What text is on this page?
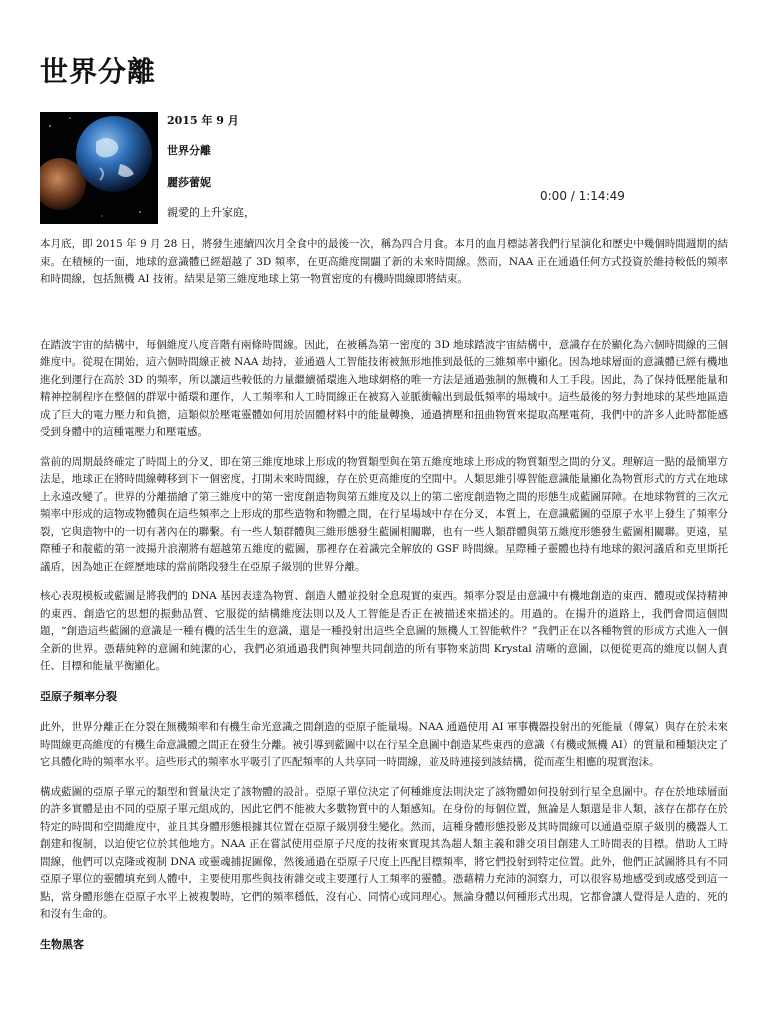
世界分離
2015 年 9 月
世界分離
麗莎蕾妮
親愛的上升家庭，
0:00 / 1:14:49

本月底，即 2015 年 9 月 28 日，將發生連續四次月全食中的最後一次，稱為四合月食。本月的血月標誌著我們行星演化和歷史中幾個時間週期的結束。在積極的一面，地球的意識體已經超越了 3D 頻率，在更高維度開闢了新的未來時間線。然而，NAA 正在通過任何方式投資於維持較低的頻率和時間線，包括無機 AI 技術。結果是第三維度地球上第一物質密度的有機時間線即將結束。

在踏波宇宙的結構中，每個維度八度音階有兩條時間線。因此，在被稱為第一密度的 3D 地球踏波宇宙結構中，意識存在於顯化為六個時間線的三個維度中。從現在開始，這六個時間線正被 NAA 劫持，並通過人工智能技術被無形地推到最低的三維頻率中顯化。因為地球層面的意識體已經有機地進化到運行在高於 3D 的頻率，所以讓這些較低的力量繼續循環進入地球網格的唯一方法是通過強制的無機和人工手段。因此，為了保持低壓能量和精神控制程序在整個的群眾中循環和運作，人工頻率和人工時間線正在被寫入並脈衝輸出到最低頻率的場域中。這些最後的努力對地球的某些地區造成了巨大的電力壓力和負擔，這類似於壓電靈體如何用於固體材料中的能量轉換，通過擠壓和扭曲物質來提取高壓電荷，我們中的許多人此時都能感受到身體中的這種電壓力和壓電感。

當前的周期最終確定了時間上的分叉，即在第三維度地球上形成的物質類型與在第五維度地球上形成的物質類型之間的分叉。理解這一點的最簡單方法是，地球正在將時間線轉移到下一個密度，打開未來時間線，存在於更高維度的空間中。人類思維引導智能意識能量顯化為物質形式的方式在地球上永遠改變了。世界的分離描繪了第三維度中的第一密度創造物與第五維度及以上的第二密度創造物之間的形態生成藍圖屏障。在地球物質的三次元頻率中形成的這物或物體與在這些頻率之上形成的那些造物和物體之間，在行星場域中存在分叉，本質上，在意識藍圖的亞原子水平上發生了頻率分裂，它與造物中的一切有著內在的聯繫。有一些人類群體與三維形態發生藍圖相關聯，也有一些人類群體與第五維度形態發生藍圖相關聯。更遠，星際種子和靛藍的第一波揚升浪潮將有超越第五維度的藍圖，那裡存在着識完全解放的 GSF 時間線。星際種子靈體也持有地球的銀河議盾和克里斯托議盾，因為她正在經歷地球的當前階段發生在亞原子級別的世界分離。

核心表現模板或藍圖是將我們的 DNA 基因表達為物質、創造人體並投射全息現實的東西。頻率分裂是由意識中有機地創造的東西、體現或保持精神的東西、創造它的思想的振動品質、它服從的結構維度法則以及人工智能是否正在被描述來描述的。用過的。在揚升的道路上，我們會問這個問題，“創造這些藍圖的意識是一種有機的活生生的意識，還是一種投射出這些全息圖的無機人工智能軟件？”我們正在以各種物質的形成方式進入一個全新的世界。憑藉純粹的意圖和純潔的心，我們必須通過我們與神聖共同創造的所有事物來訪問 Krystal 清晰的意圖，以便從更高的維度以個人責任、目標和能量平衡顯化。

亞原子頻率分裂

此外，世界分離正在分裂在無機頻率和有機生命光意識之間創造的亞原子能量場。NAA 通過使用 AI 軍事機器投射出的死能量（傳氣）與存在於未來時間線更高維度的有機生命意識體之間正在發生分離。被引導到藍圖中以在行星全息圖中創造某些東西的意識（有機或無機 AI）的質量和種類決定了它具體化時的頻率水平。這些形式的頻率水平吸引了匹配頻率的人共享同一時間線，並及時連接到該結構，從而產生相應的現實泡沫。

構成藍圖的亞原子單元的類型和質量決定了該物體的設計。亞原子單位決定了何種維度法則決定了該物體如何投射到行星全息圖中。存在於地球層面的許多實體是由不同的亞原子單元組成的，因此它們不能被大多數物質中的人類感知。在身份的每個位置，無論是人類還是非人類，該存在都存在於特定的時間和空間維度中，並且其身體形態根據其位置在亞原子級別發生變化。然而，這種身體形態投影及其時間線可以通過亞原子級別的機器人工創建和復制，以迫使它位於其他地方。NAA 正在嘗試使用亞原子尺度的技術來實現其為超人類主義和雜交項目創建人工時間表的目標。借助人工時間線，他們可以克隆或複制 DNA 或靈魂捕捉圖像，然後通過在亞原子尺度上匹配目標頻率，將它們投射到特定位置。此外，他們正試圖將具有不同亞原子單位的靈體填充到人體中，主要使用那些與技術雜交或主要運行人工頻率的靈體。憑藉精力充沛的洞察力，可以很容易地感受到或感受到這一點，當身體形態在亞原子水平上被複製時，它們的頻率穩低，沒有心、同情心或同理心。無論身體以何種形式出現，它都會讓人覺得是人造的、死的和沒有生命的。

生物黑客
